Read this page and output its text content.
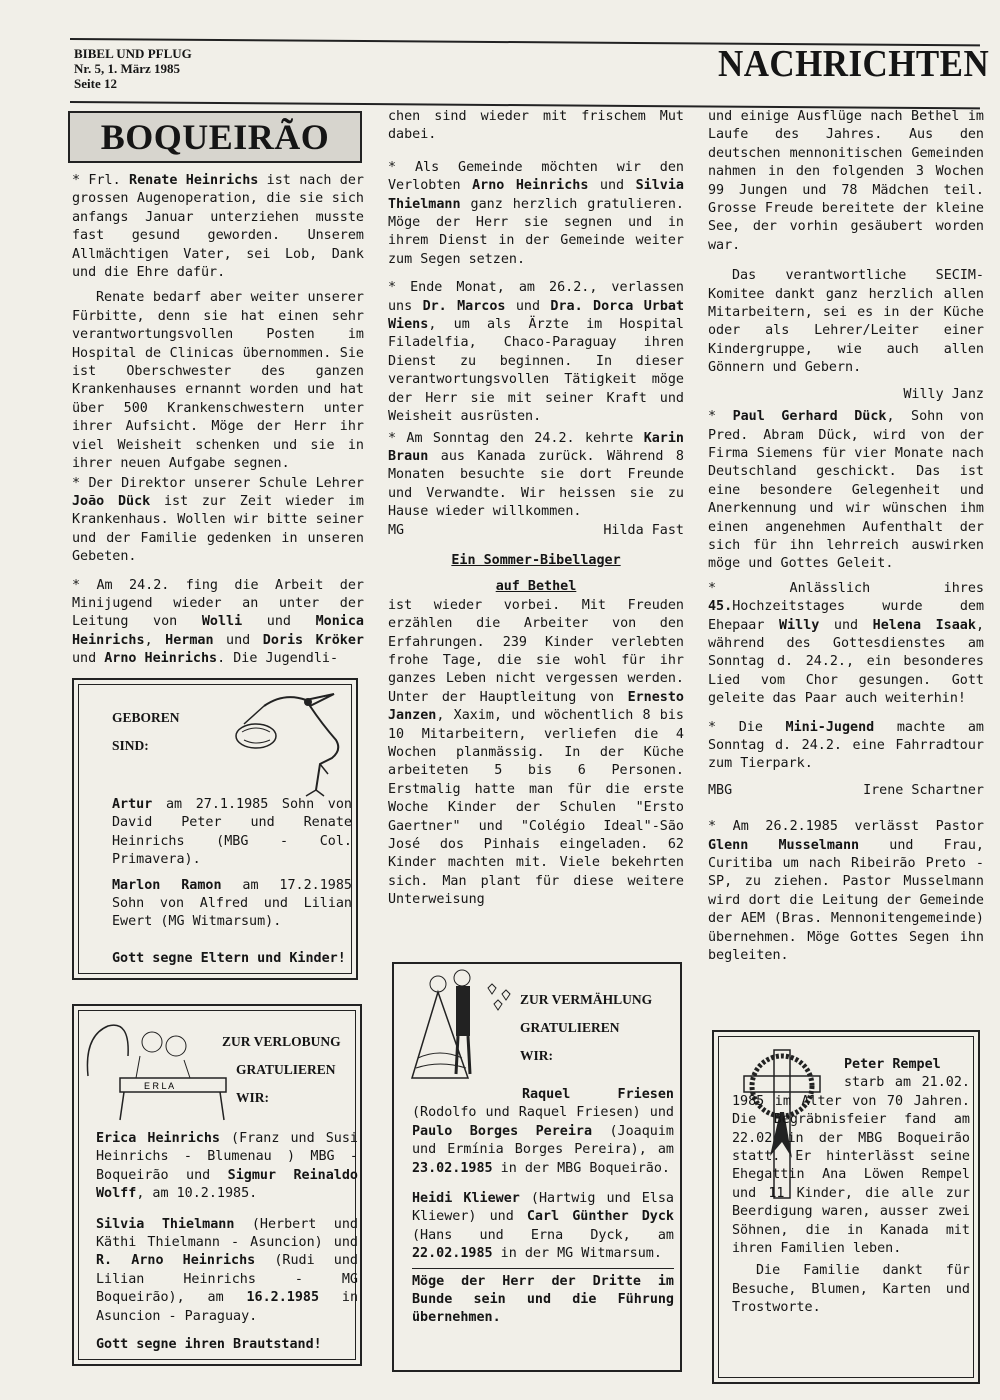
BIBEL UND PFLUG
Nr. 5, 1. März 1985
Seite 12	NACHRICHTEN
BOQUEIRÃO

* Frl. Renate Heinrichs ist nach der grossen Augenoperation, die sie sich anfangs Januar unterziehen musste fast gesund geworden. Unserem Allmächtigen Vater, sei Lob, Dank und die Ehre dafür.

Renate bedarf aber weiter unserer Fürbitte, denn sie hat einen sehr verantwortungsvollen Posten im Hospital de Clinicas übernommen. Sie ist Oberschwester des ganzen Krankenhauses ernannt worden und hat über 500 Krankenschwestern unter ihrer Aufsicht. Möge der Herr ihr viel Weisheit schenken und sie in ihrer neuen Aufgabe segnen.

* Der Direktor unserer Schule Lehrer João Dück ist zur Zeit wieder im Krankenhaus. Wollen wir bitte seiner und der Familie gedenken in unseren Gebeten.

* Am 24.2. fing die Arbeit der Minijugend wieder an unter der Leitung von Wolli und Monica Heinrichs, Herman und Doris Kröker und Arno Heinrichs. Die Jugendli-

GEBOREN
SIND:

Artur am 27.1.1985 Sohn von David Peter und Renate Heinrichs (MBG - Col. Primavera).

Marlon Ramon am 17.2.1985 Sohn von Alfred und Lilian Ewert (MG Witmarsum).

Gott segne Eltern und Kinder!

E R L A
ZUR VERLOBUNG
GRATULIEREN
WIR:

Erica Heinrichs (Franz und Susi Heinrichs - Blumenau ) MBG - Boqueirão und Sigmur Reinaldo Wolff, am 10.2.1985.

Silvia Thielmann (Herbert und Käthi Thielmann - Asuncion) und R. Arno Heinrichs (Rudi und Lilian Heinrichs - MG Boqueirão), am 16.2.1985 in Asuncion - Paraguay.

Gott segne ihren Brautstand!

chen sind wieder mit frischem Mut dabei.

* Als Gemeinde möchten wir den Verlobten Arno Heinrichs und Silvia Thielmann ganz herzlich gratulieren. Möge der Herr sie segnen und in ihrem Dienst in der Gemeinde weiter zum Segen setzen.

* Ende Monat, am 26.2., verlassen uns Dr. Marcos und Dra. Dorca Urbat Wiens, um als Ärzte im Hospital Filadelfia, Chaco-Paraguay ihren Dienst zu beginnen. In dieser verantwortungsvollen Tätigkeit möge der Herr sie mit seiner Kraft und Weisheit ausrüsten.

* Am Sonntag den 24.2. kehrte Karin Braun aus Kanada zurück. Während 8 Monaten besuchte sie dort Freunde und Verwandte. Wir heissen sie zu Hause wieder willkommen.

MG	Hilda Fast
Ein Sommer-Bibellager
auf Bethel

ist wieder vorbei. Mit Freuden erzählen die Arbeiter von den Erfahrungen. 239 Kinder verlebten frohe Tage, die sie wohl für ihr ganzes Leben nicht vergessen werden. Unter der Hauptleitung von Ernesto Janzen, Xaxim, und wöchentlich 8 bis 10 Mitarbeitern, verliefen die 4 Wochen planmässig. In der Küche arbeiteten 5 bis 6 Personen. Erstmalig hatte man für die erste Woche Kinder der Schulen "Ersto Gaertner" und "Colégio Ideal"-São José dos Pinhais eingeladen. 62 Kinder machten mit. Viele bekehrten sich. Man plant für diese weitere Unterweisung

ZUR VERMÄHLUNG
GRATULIEREN
WIR:

Raquel Friesen (Rodolfo und Raquel Friesen) und Paulo Borges Pereira (Joaquim und Ermínia Borges Pereira), am 23.02.1985 in der MBG Boqueirão.

Heidi Kliewer (Hartwig und Elsa Kliewer) und Carl Günther Dyck (Hans und Erna Dyck, am 22.02.1985 in der MG Witmarsum.

Möge der Herr der Dritte im Bunde sein und die Führung übernehmen.

und einige Ausflüge nach Bethel im Laufe des Jahres. Aus den deutschen mennonitischen Gemeinden nahmen in den folgenden 3 Wochen 99 Jungen und 78 Mädchen teil. Grosse Freude bereitete der kleine See, der vorhin gesäubert worden war.

Das verantwortliche SECIM-Komitee dankt ganz herzlich allen Mitarbeitern, sei es in der Küche oder als Lehrer/Leiter einer Kindergruppe, wie auch allen Gönnern und Gebern.

Willy Janz

* Paul Gerhard Dück, Sohn von Pred. Abram Dück, wird von der Firma Siemens für vier Monate nach Deutschland geschickt. Das ist eine besondere Gelegenheit und Anerkennung und wir wünschen ihm einen angenehmen Aufenthalt der sich für ihn lehrreich auswirken möge und Gottes Geleit.

* Anlässlich ihres 45.Hochzeitstages wurde dem Ehepaar Willy und Helena Isaak, während des Gottesdienstes am Sonntag d. 24.2., ein besonderes Lied vom Chor gesungen. Gott geleite das Paar auch weiterhin!

* Die Mini-Jugend machte am Sonntag d. 24.2. eine Fahrradtour zum Tierpark.

MBG	Irene Schartner

* Am 26.2.1985 verlässt Pastor Glenn Musselmann und Frau, Curitiba um nach Ribeirão Preto - SP, zu ziehen. Pastor Musselmann wird dort die Leitung der Gemeinde der AEM (Bras. Mennonitengemeinde) übernehmen. Möge Gottes Segen ihn begleiten.

Peter Rempel

starb am 21.02. 1985 im Alter von 70 Jahren. Die Begräbnisfeier fand am 22.02 in der MBG Boqueirão statt. Er hinterlässt seine Ehegattin Ana Löwen Rempel und 11 Kinder, die alle zur Beerdigung waren, ausser zwei Söhnen, die in Kanada mit ihren Familien leben.

Die Familie dankt für Besuche, Blumen, Karten und Trostworte.
